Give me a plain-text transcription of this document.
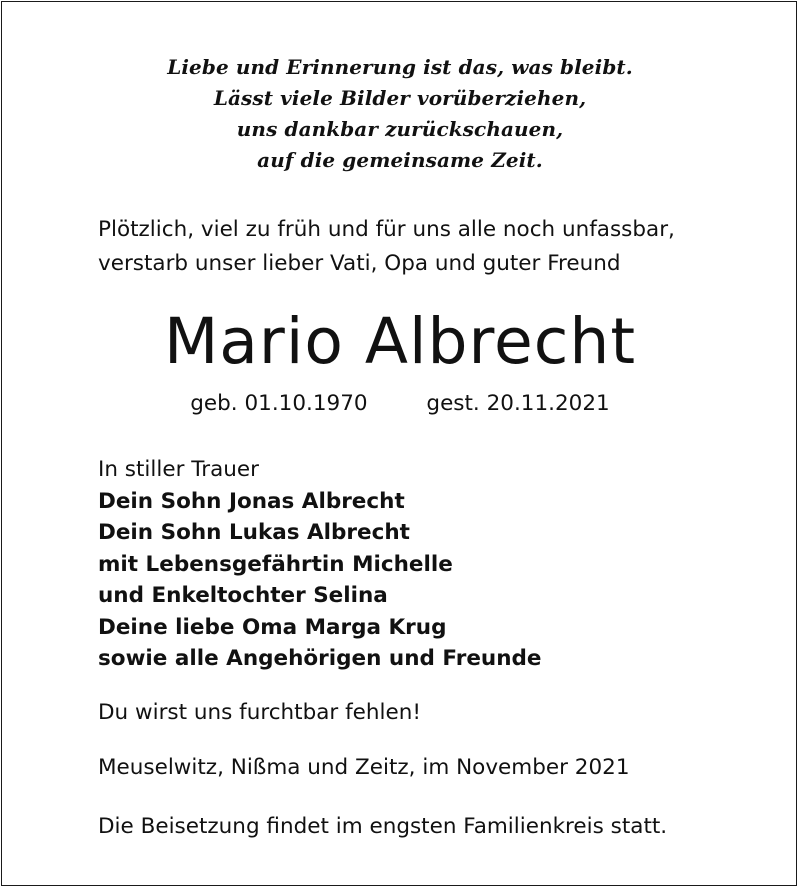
Liebe und Erinnerung ist das, was bleibt.
Lässt viele Bilder vorüberziehen,
uns dankbar zurückschauen,
auf die gemeinsame Zeit.
Plötzlich, viel zu früh und für uns alle noch unfassbar,
verstarb unser lieber Vati, Opa und guter Freund
Mario Albrecht
geb. 01.10.1970	gest. 20.11.2021
In stiller Trauer
Dein Sohn Jonas Albrecht
Dein Sohn Lukas Albrecht
mit Lebensgefährtin Michelle
und Enkeltochter Selina
Deine liebe Oma Marga Krug
sowie alle Angehörigen und Freunde
Du wirst uns furchtbar fehlen!
Meuselwitz, Nißma und Zeitz, im November 2021
Die Beisetzung findet im engsten Familienkreis statt.
